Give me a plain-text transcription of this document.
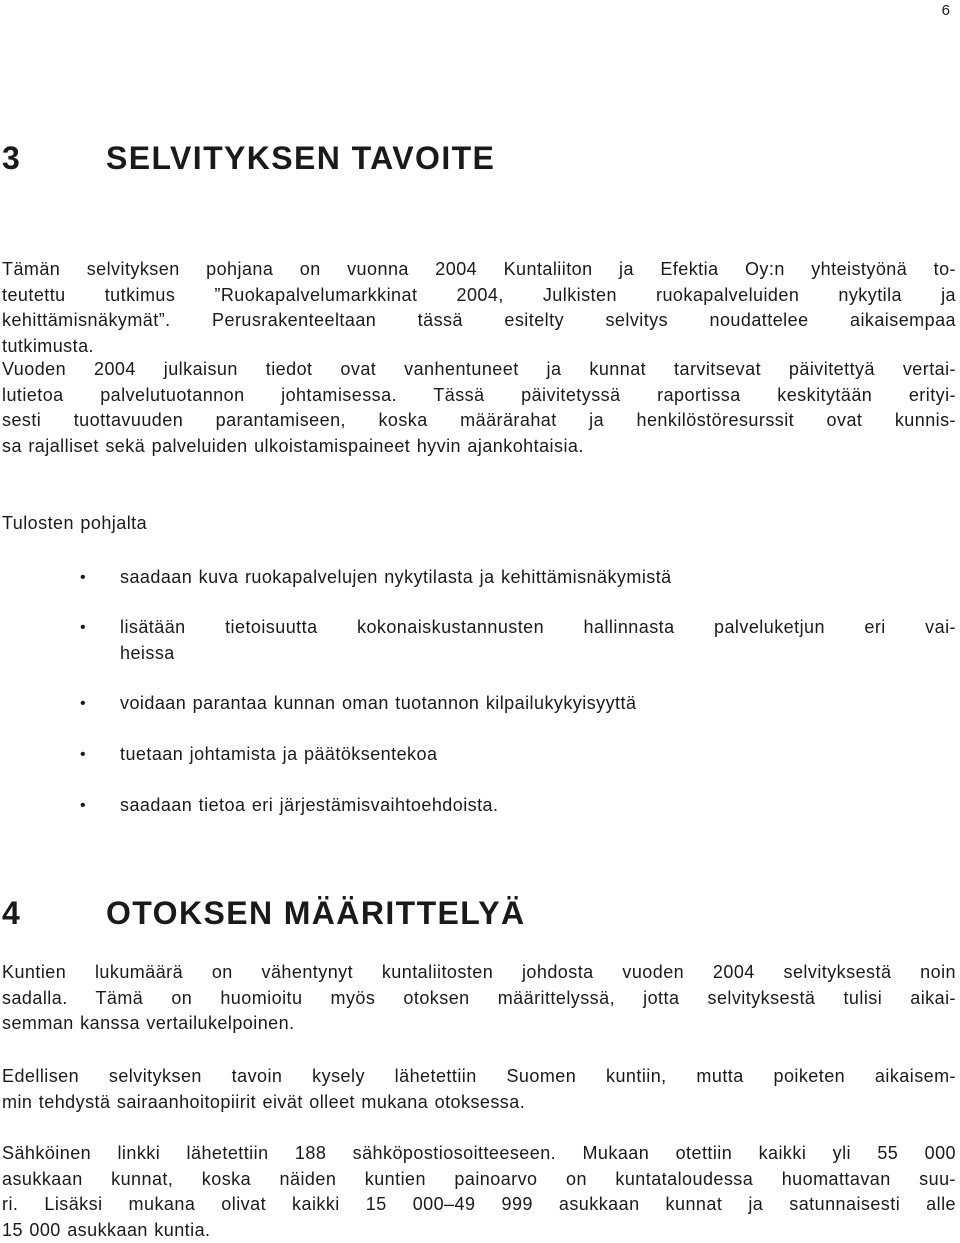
6
3	SELVITYKSEN TAVOITE

Tämän selvityksen pohjana on vuonna 2004 Kuntaliiton ja Efektia Oy:n yhteistyönä to-
teutettu tutkimus ”Ruokapalvelumarkkinat 2004, Julkisten ruokapalveluiden nykytila ja
kehittämisnäkymät”. Perusrakenteeltaan tässä esitelty selvitys noudattelee aikaisempaa
tutkimusta.

Vuoden 2004 julkaisun tiedot ovat vanhentuneet ja kunnat tarvitsevat päivitettyä vertai-
lutietoa palvelutuotannon johtamisessa. Tässä päivitetyssä raportissa keskitytään erityi-
sesti tuottavuuden parantamiseen, koska määrärahat ja henkilöstöresurssit ovat kunnis-
sa rajalliset sekä palveluiden ulkoistamispaineet hyvin ajankohtaisia.

Tulosten pohjalta

• saadaan kuva ruokapalvelujen nykytilasta ja kehittämisnäkymistä
• lisätään tietoisuutta kokonaiskustannusten hallinnasta palveluketjun eri vai-
heissa
• voidaan parantaa kunnan oman tuotannon kilpailukykyisyyttä
• tuetaan johtamista ja päätöksentekoa
• saadaan tietoa eri järjestämisvaihtoehdoista.
4	OTOKSEN MÄÄRITTELYÄ

Kuntien lukumäärä on vähentynyt kuntaliitosten johdosta vuoden 2004 selvityksestä noin
sadalla. Tämä on huomioitu myös otoksen määrittelyssä, jotta selvityksestä tulisi aikai-
semman kanssa vertailukelpoinen.

Edellisen selvityksen tavoin kysely lähetettiin Suomen kuntiin, mutta poiketen aikaisem-
min tehdystä sairaanhoitopiirit eivät olleet mukana otoksessa.

Sähköinen linkki lähetettiin 188 sähköpostiosoitteeseen. Mukaan otettiin kaikki yli 55 000
asukkaan kunnat, koska näiden kuntien painoarvo on kuntataloudessa huomattavan suu-
ri. Lisäksi mukana olivat kaikki 15 000–49 999 asukkaan kunnat ja satunnaisesti alle
15 000 asukkaan kuntia.
